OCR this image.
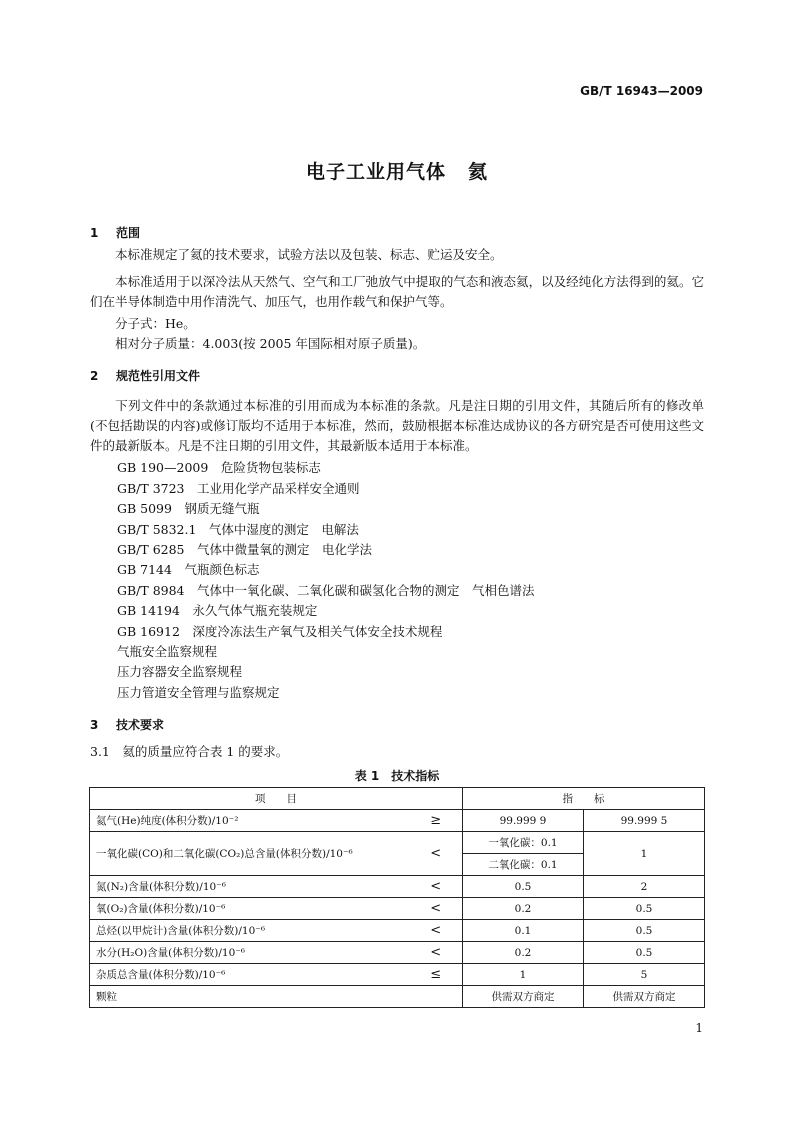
GB/T 16943—2009
电子工业用气体 氦
1 范围

本标准规定了氦的技术要求，试验方法以及包装、标志、贮运及安全。

本标准适用于以深冷法从天然气、空气和工厂弛放气中提取的气态和液态氦，以及经纯化方法得到的氦。它们在半导体制造中用作清洗气、加压气，也用作载气和保护气等。

分子式：He。

相对分子质量：4.003(按 2005 年国际相对原子质量)。

2 规范性引用文件

下列文件中的条款通过本标准的引用而成为本标准的条款。凡是注日期的引用文件，其随后所有的修改单(不包括勘误的内容)或修订版均不适用于本标准，然而，鼓励根据本标准达成协议的各方研究是否可使用这些文件的最新版本。凡是不注日期的引用文件，其最新版本适用于本标准。

GB 190—2009　危险货物包装标志
GB/T 3723　工业用化学产品采样安全通则
GB 5099　钢质无缝气瓶
GB/T 5832.1　气体中湿度的测定　电解法
GB/T 6285　气体中微量氧的测定　电化学法
GB 7144　气瓶颜色标志
GB/T 8984　气体中一氧化碳、二氧化碳和碳氢化合物的测定　气相色谱法
GB 14194　永久气体气瓶充装规定
GB 16912　深度冷冻法生产氧气及相关气体安全技术规程
气瓶安全监察规程
压力容器安全监察规程
压力管道安全管理与监察规定
3 技术要求

3.1　氦的质量应符合表 1 的要求。

表 1　技术指标
项　　目		指　　标	
氦气(He)纯度(体积分数)/10⁻²	≥	99.999 9	99.999 5
一氧化碳(CO)和二氧化碳(CO₂)总含量(体积分数)/10⁻⁶	<	一氧化碳：0.1	1
		二氧化碳：0.1	
氮(N₂)含量(体积分数)/10⁻⁶	<	0.5	2
氧(O₂)含量(体积分数)/10⁻⁶	<	0.2	0.5
总烃(以甲烷计)含量(体积分数)/10⁻⁶	<	0.1	0.5
水分(H₂O)含量(体积分数)/10⁻⁶	<	0.2	0.5
杂质总含量(体积分数)/10⁻⁶	≤	1	5
颗粒		供需双方商定	供需双方商定
1
